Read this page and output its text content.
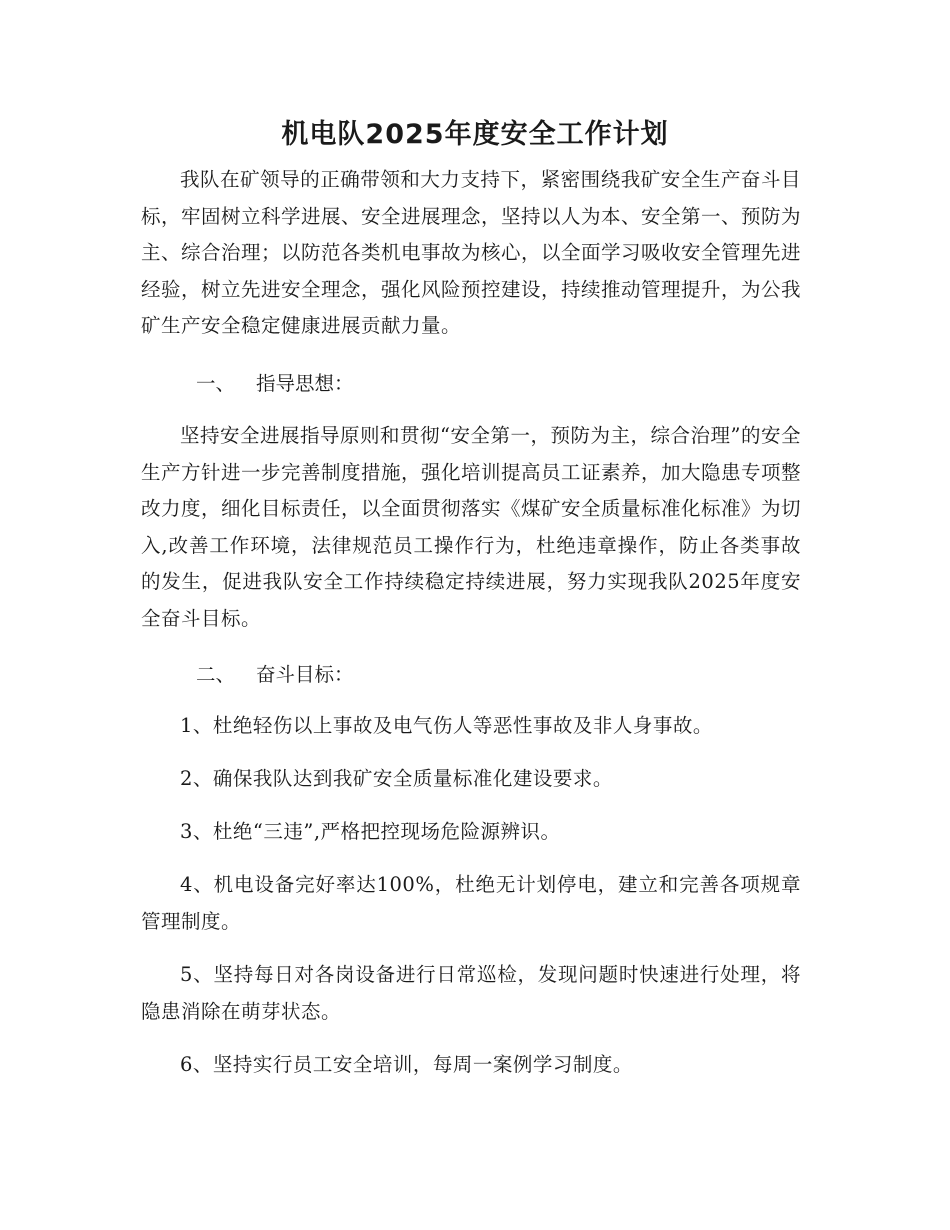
机电队2025年度安全工作计划

我队在矿领导的正确带领和大力支持下，紧密围绕我矿安全生产奋斗目标，牢固树立科学进展、安全进展理念，坚持以人为本、安全第一、预防为主、综合治理；以防范各类机电事故为核心，以全面学习吸收安全管理先进经验，树立先进安全理念，强化风险预控建设，持续推动管理提升，为公我矿生产安全稳定健康进展贡献力量。

一、 指导思想：

坚持安全进展指导原则和贯彻“安全第一，预防为主，综合治理”的安全生产方针进一步完善制度措施，强化培训提高员工证素养，加大隐患专项整改力度，细化目标责任，以全面贯彻落实《煤矿安全质量标准化标准》为切入,改善工作环境，法律规范员工操作行为，杜绝违章操作，防止各类事故的发生，促进我队安全工作持续稳定持续进展，努力实现我队2025年度安全奋斗目标。

二、 奋斗目标：

1、杜绝轻伤以上事故及电气伤人等恶性事故及非人身事故。

2、确保我队达到我矿安全质量标准化建设要求。

3、杜绝“三违”,严格把控现场危险源辨识。

4、机电设备完好率达100%，杜绝无计划停电，建立和完善各项规章管理制度。

5、坚持每日对各岗设备进行日常巡检，发现问题时快速进行处理，将隐患消除在萌芽状态。

6、坚持实行员工安全培训，每周一案例学习制度。
